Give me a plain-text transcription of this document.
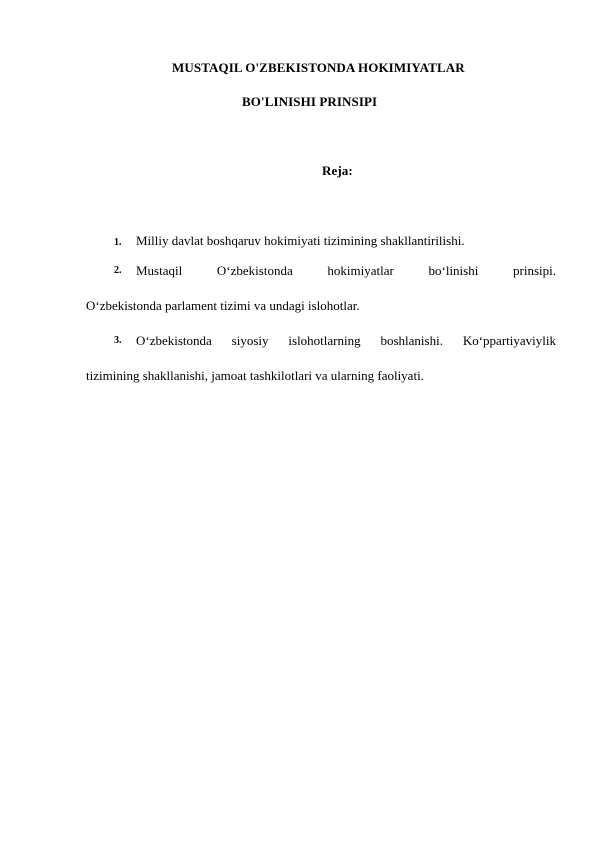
MUSTAQIL O'ZBEKISTONDA HOKIMIYATLAR
BO'LINISHI PRINSIPI
Reja:
1. Milliy davlat boshqaruv hokimiyati tizimining shakllantirilishi.
2.	Mustaqil O‘zbekistonda hokimiyatlar bo‘linishi prinsipi.
O‘zbekistonda parlament tizimi va undagi islohotlar.
3.	O‘zbekistonda siyosiy islohotlarning boshlanishi. Ko‘ppartiyaviylik
tizimining shakllanishi, jamoat tashkilotlari va ularning faoliyati.
